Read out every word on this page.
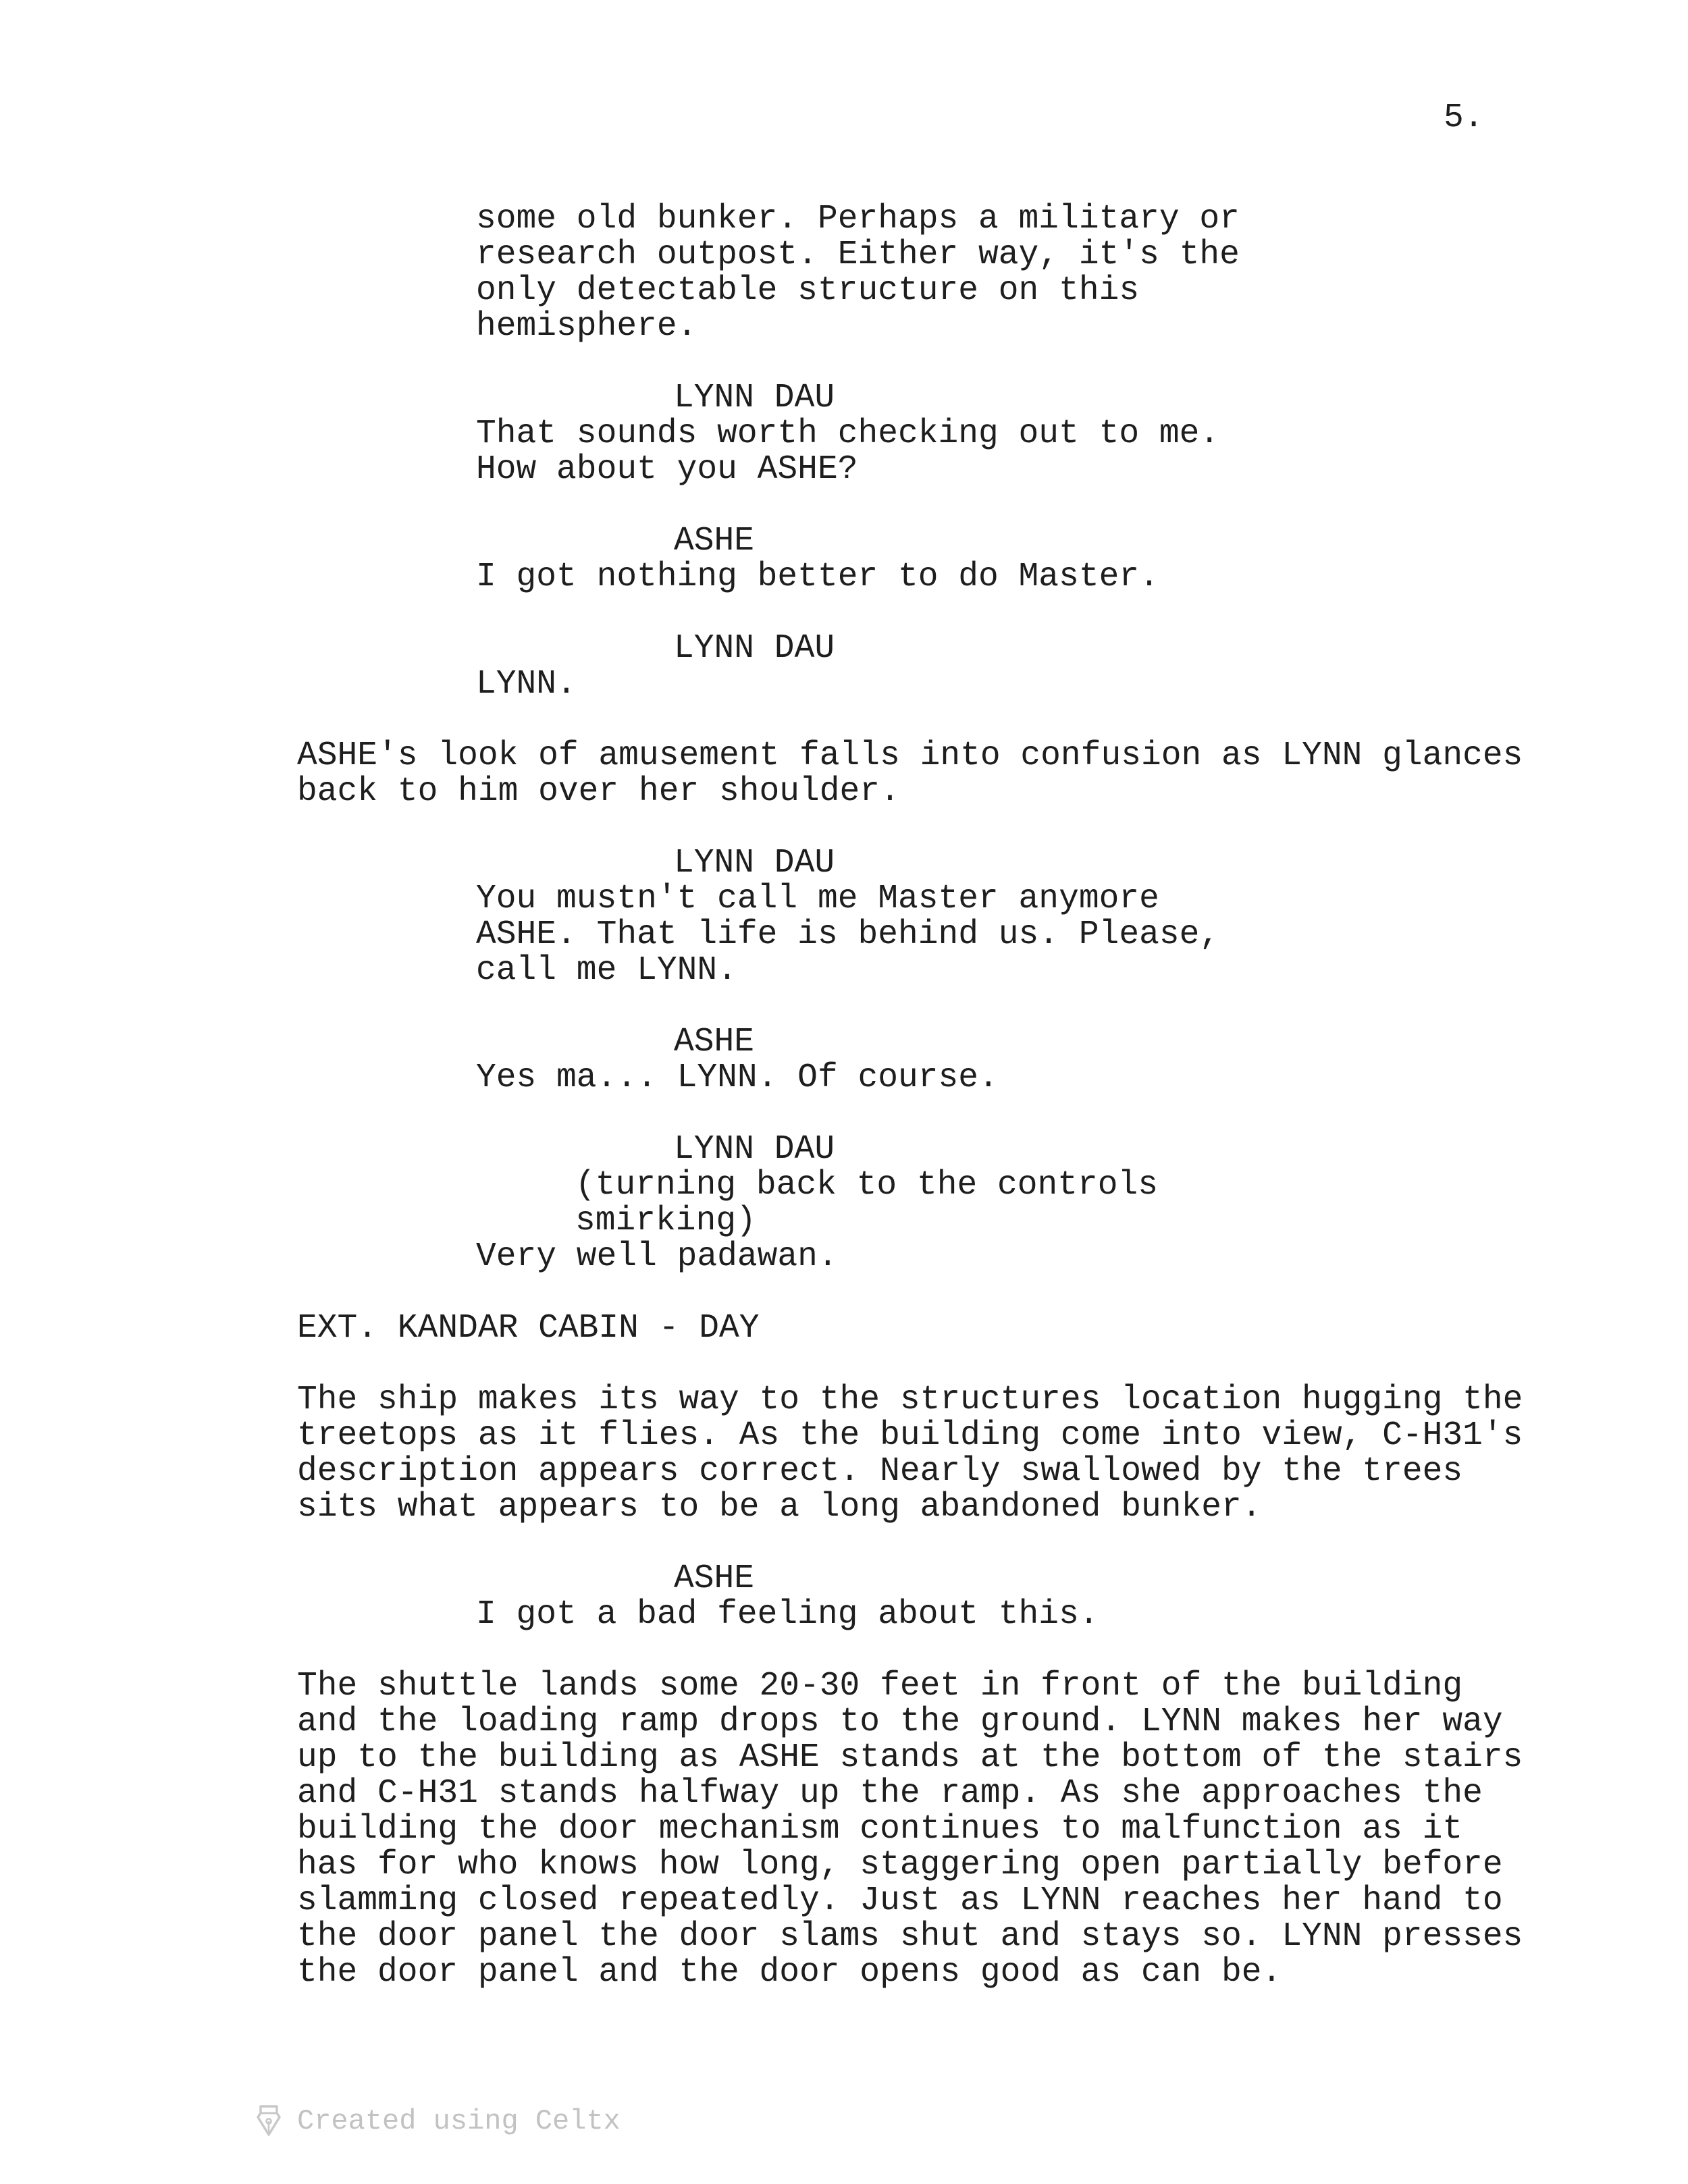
5.
some old bunker. Perhaps a military or
research outpost. Either way, it's the
only detectable structure on this
hemisphere.
LYNN DAU
That sounds worth checking out to me.
How about you ASHE?
ASHE
I got nothing better to do Master.
LYNN DAU
LYNN.
ASHE's look of amusement falls into confusion as LYNN glances
back to him over her shoulder.
LYNN DAU
You mustn't call me Master anymore
ASHE. That life is behind us. Please,
call me LYNN.
ASHE
Yes ma... LYNN. Of course.
LYNN DAU
(turning back to the controls
smirking)
Very well padawan.
EXT. KANDAR CABIN - DAY
The ship makes its way to the structures location hugging the
treetops as it flies. As the building come into view, C-H31's
description appears correct. Nearly swallowed by the trees
sits what appears to be a long abandoned bunker.
ASHE
I got a bad feeling about this.
The shuttle lands some 20-30 feet in front of the building
and the loading ramp drops to the ground. LYNN makes her way
up to the building as ASHE stands at the bottom of the stairs
and C-H31 stands halfway up the ramp. As she approaches the
building the door mechanism continues to malfunction as it
has for who knows how long, staggering open partially before
slamming closed repeatedly. Just as LYNN reaches her hand to
the door panel the door slams shut and stays so. LYNN presses
the door panel and the door opens good as can be.
Created using Celtx
